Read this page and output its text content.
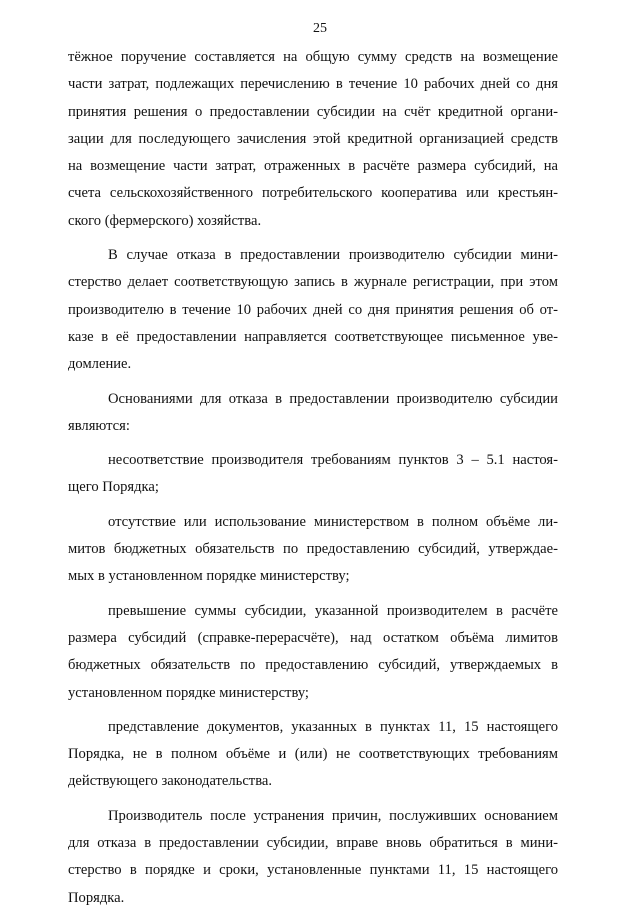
25
тёжное поручение составляется на общую сумму средств на возмещение
части затрат, подлежащих перечислению в течение 10 рабочих дней со дня
принятия решения о предоставлении субсидии на счёт кредитной органи-
зации для последующего зачисления этой кредитной организацией средств
на возмещение части затрат, отраженных в расчёте размера субсидий, на
счета сельскохозяйственного потребительского кооператива или крестьян-
ского (фермерского) хозяйства.
В случае отказа в предоставлении производителю субсидии мини-
стерство делает соответствующую запись в журнале регистрации, при этом
производителю в течение 10 рабочих дней со дня принятия решения об от-
казе в её предоставлении направляется соответствующее письменное уве-
домление.
Основаниями для отказа в предоставлении производителю субсидии
являются:
несоответствие производителя требованиям пунктов 3 – 5.1 настоя-
щего Порядка;
отсутствие или использование министерством в полном объёме ли-
митов бюджетных обязательств по предоставлению субсидий, утверждае-
мых в установленном порядке министерству;
превышение суммы субсидии, указанной производителем в расчёте
размера субсидий (справке-перерасчёте), над остатком объёма лимитов
бюджетных обязательств по предоставлению субсидий, утверждаемых в
установленном порядке министерству;
представление документов, указанных в пунктах 11, 15 настоящего
Порядка, не в полном объёме и (или) не соответствующих требованиям
действующего законодательства.
Производитель после устранения причин, послуживших основанием
для отказа в предоставлении субсидии, вправе вновь обратиться в мини-
стерство в порядке и сроки, установленные пунктами 11, 15 настоящего
Порядка.
